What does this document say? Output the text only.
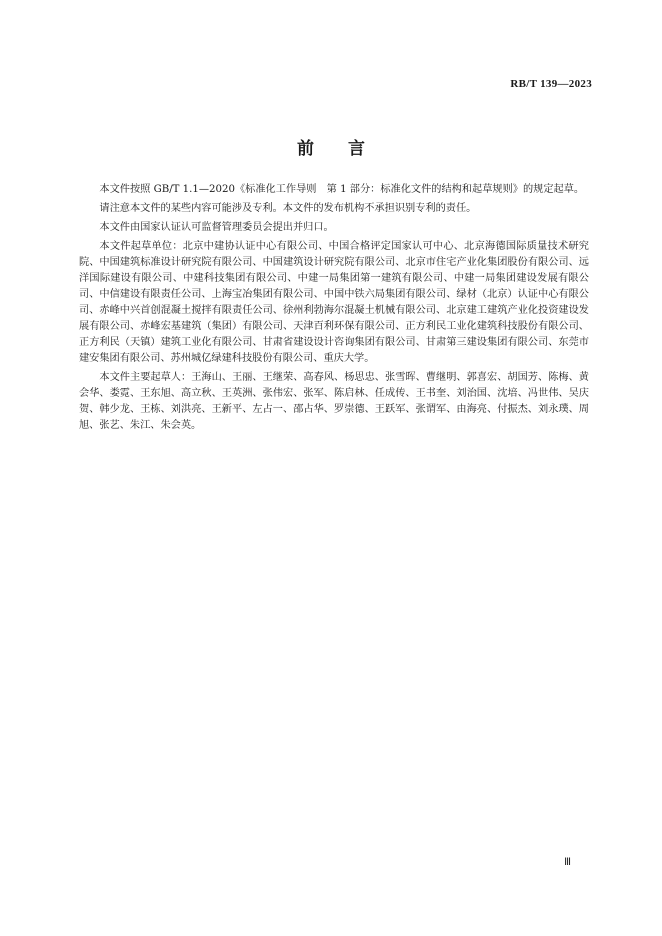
RB/T 139—2023
前言

本文件按照 GB/T 1.1—2020《标准化工作导则　第 1 部分：标准化文件的结构和起草规则》的规定起草。

请注意本文件的某些内容可能涉及专利。本文件的发布机构不承担识别专利的责任。

本文件由国家认证认可监督管理委员会提出并归口。

本文件起草单位：北京中建协认证中心有限公司、中国合格评定国家认可中心、北京海德国际质量技术研究院、中国建筑标准设计研究院有限公司、中国建筑设计研究院有限公司、北京市住宅产业化集团股份有限公司、远洋国际建设有限公司、中建科技集团有限公司、中建一局集团第一建筑有限公司、中建一局集团建设发展有限公司、中信建设有限责任公司、上海宝冶集团有限公司、中国中铁六局集团有限公司、绿材（北京）认证中心有限公司、赤峰中兴首创混凝土搅拌有限责任公司、徐州利勃海尔混凝土机械有限公司、北京建工建筑产业化投资建设发展有限公司、赤峰宏基建筑（集团）有限公司、天津百利环保有限公司、正方利民工业化建筑科技股份有限公司、正方利民（天镇）建筑工业化有限公司、甘肃省建设设计咨询集团有限公司、甘肃第三建设集团有限公司、东莞市建安集团有限公司、苏州城亿绿建科技股份有限公司、重庆大学。

本文件主要起草人：王海山、王丽、王继荣、高春风、杨思忠、张雪晖、曹继明、郭喜宏、胡国芳、陈梅、黄会华、娄霓、王东旭、高立秋、王英洲、张伟宏、张军、陈启林、任成传、王书奎、刘治国、沈培、冯世伟、吴庆贺、韩少龙、王栋、刘洪亮、王新平、左占一、邵占华、罗崇德、王跃军、张谓军、由海亮、付振杰、刘永璞、周旭、张艺、朱江、朱会英。

Ⅲ
